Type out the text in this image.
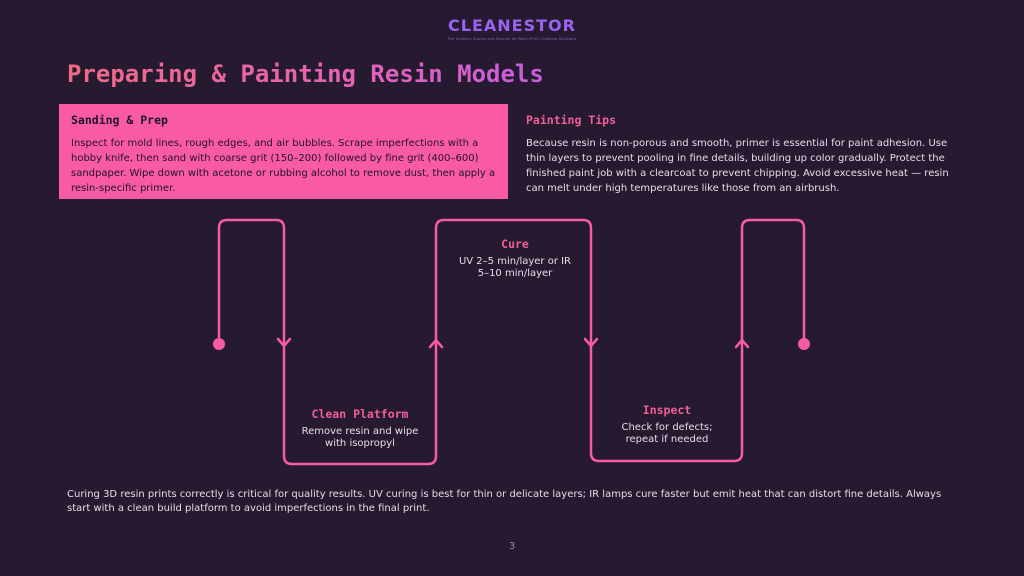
CLEANESTOR
The Industry Source and Service for Resin Print Cleaning Solutions
Preparing & Painting Resin Models
Sanding & Prep

Inspect for mold lines, rough edges, and air bubbles. Scrape imperfections with a hobby knife, then sand with coarse grit (150–200) followed by fine grit (400–600) sandpaper. Wipe down with acetone or rubbing alcohol to remove dust, then apply a resin-specific primer.

Painting Tips

Because resin is non-porous and smooth, primer is essential for paint adhesion. Use thin layers to prevent pooling in fine details, building up color gradually. Protect the finished paint job with a clearcoat to prevent chipping. Avoid excessive heat — resin can melt under high temperatures like those from an airbrush.

Clean Platform

Remove resin and wipe with isopropyl

Cure

UV 2–5 min/layer or IR 5–10 min/layer

Inspect

Check for defects; repeat if needed

Curing 3D resin prints correctly is critical for quality results. UV curing is best for thin or delicate layers; IR lamps cure faster but emit heat that can distort fine details. Always start with a clean build platform to avoid imperfections in the final print.

3
